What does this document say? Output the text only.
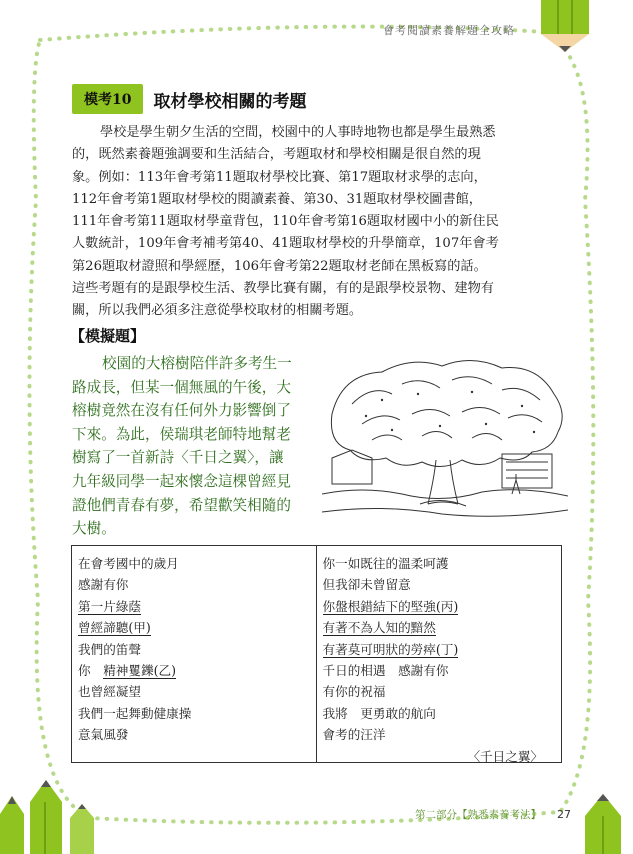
會考閱讀素養解題全攻略
模考10	取材學校相關的考題
學校是學生朝夕生活的空間，校園中的人事時地物也都是學生最熟悉
的，既然素養題強調要和生活結合，考題取材和學校相關是很自然的現
象。例如：113年會考第11題取材學校比賽、第17題取材求學的志向，
112年會考第1題取材學校的閱讀素養、第30、31題取材學校圖書館，
111年會考第11題取材學童背包，110年會考第16題取材國中小的新住民
人數統計，109年會考補考第40、41題取材學校的升學簡章，107年會考
第26題取材證照和學經歷，106年會考第22題取材老師在黑板寫的話。
這些考題有的是跟學校生活、教學比賽有關，有的是跟學校景物、建物有
關，所以我們必須多注意從學校取材的相關考題。
【模擬題】
校園的大榕樹陪伴許多考生一
路成長，但某一個無風的午後，大
榕樹竟然在沒有任何外力影響倒了
下來。為此，侯瑞琪老師特地幫老
樹寫了一首新詩〈千日之翼〉，讓
九年級同學一起來懷念這棵曾經見
證他們青春有夢，希望歡笑相隨的
大樹。
在會考國中的歲月
感謝有你
第一片綠蔭
曾經諦聽(甲)
我們的笛聲
你　精神矍鑠(乙)
也曾經凝望
我們一起舞動健康操
意氣風發
你一如既往的溫柔呵護
但我卻未曾留意
你盤根錯結下的堅強(丙)
有著不為人知的黯然
有著莫可明狀的勞瘁(丁)
千日的相遇　感謝有你
有你的祝福
我將　更勇敢的航向
會考的汪洋
〈千日之翼〉
第二部分【熟悉素養考法】 27
